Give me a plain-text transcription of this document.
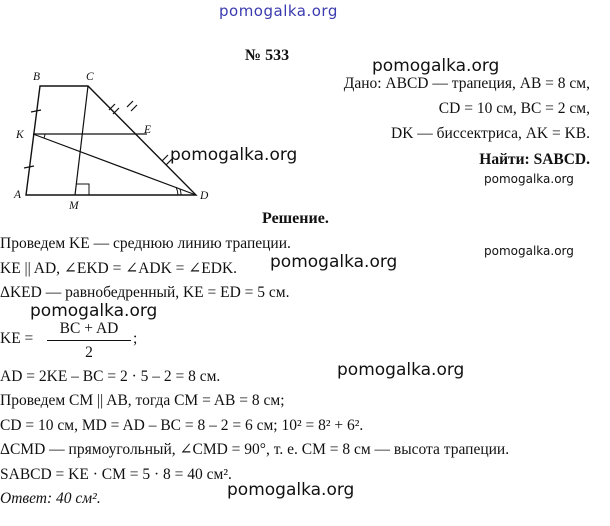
pomogalka.org
pomogalka.org
pomogalka.org
pomogalka.org
pomogalka.org
pomogalka.org
pomogalka.org
pomogalka.org
pomogalka.org
№ 533
B	C
K	E
A
M
D
Дано: ABCD — трапеция, AB = 8 см,
CD = 10 см, BC = 2 см,
DK — биссектриса, AK = KB.
Найти: SABCD.
Решение.
Проведем KE — среднюю линию трапеции.
KE || AD, ∠EKD = ∠ADK = ∠EDK.
ΔKED — равнобедренный, KE = ED = 5 см.
KE = $\frac{BC + AD}{2}$ ;
AD = 2KE – BC = 2 · 5 – 2 = 8 см.
Проведем CM || AB, тогда CM = AB = 8 см;
CD = 10 см, MD = AD – BC = 8 – 2 = 6 см; 10² = 8² + 6².
ΔCMD — прямоугольный, ∠CMD = 90°, т. е. CM = 8 см — высота трапеции.
SABCD = KE · CM = 5 · 8 = 40 см².
Ответ: 40 см².
